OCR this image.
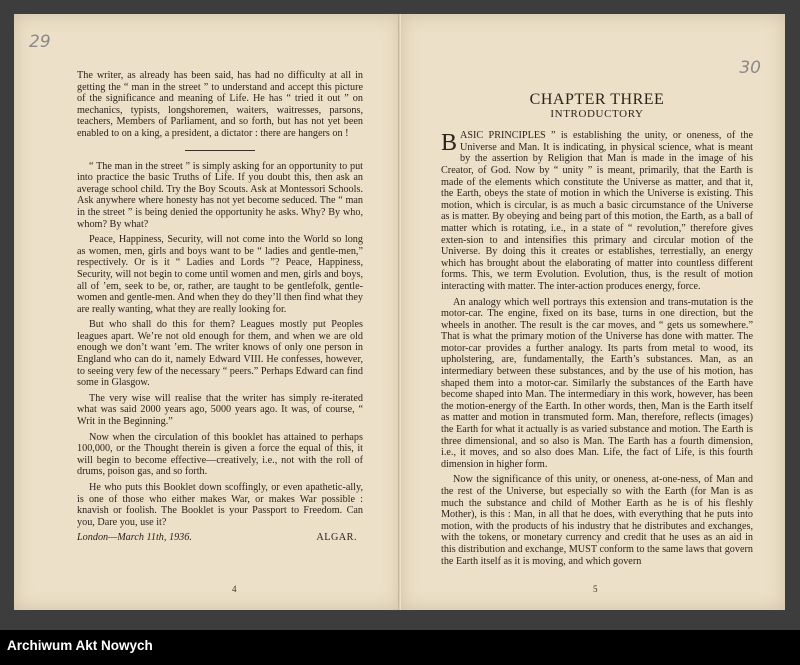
29

The writer, as already has been said, has had no difficulty at all in getting the “ man in the street ” to understand and accept this picture of the significance and meaning of Life. He has “ tried it out ” on mechanics, typists, longshoremen, waiters, waitresses, parsons, teachers, Members of Parliament, and so forth, but has not yet been enabled to on a king, a president, a dictator : there are hangers on !

“ The man in the street ” is simply asking for an opportunity to put into practice the basic Truths of Life. If you doubt this, then ask an average school child. Try the Boy Scouts. Ask at Montessori Schools. Ask anywhere where honesty has not yet become seduced. The “ man in the street ” is being denied the opportunity he asks. Why? By who, whom? By what?

Peace, Happiness, Security, will not come into the World so long as women, men, girls and boys want to be “ ladies and gentle-men,” respectively. Or is it “ Ladies and Lords ”? Peace, Happiness, Security, will not begin to come until women and men, girls and boys, all of ’em, seek to be, or, rather, are taught to be gentlefolk, gentle-women and gentle-men. And when they do they’ll then find what they are really wanting, what they are really looking for.

But who shall do this for them? Leagues mostly put Peoples leagues apart. We’re not old enough for them, and when we are old enough we don’t want ’em. The writer knows of only one person in England who can do it, namely Edward VIII. He confesses, however, to seeing very few of the necessary “ peers.” Perhaps Edward can find some in Glasgow.

The very wise will realise that the writer has simply re-iterated what was said 2000 years ago, 5000 years ago. It was, of course, “ Writ in the Beginning.”

Now when the circulation of this booklet has attained to perhaps 100,000, or the Thought therein is given a force the equal of this, it will begin to become effective—creatively, i.e., not with the roll of drums, poison gas, and so forth.

He who puts this Booklet down scoffingly, or even apathetic-ally, is one of those who either makes War, or makes War possible : knavish or foolish. The Booklet is your Passport to Freedom. Can you, Dare you, use it?

London—March 11th, 1936.	ALGAR.
4
30
CHAPTER THREE
INTRODUCTORY

BASIC PRINCIPLES ” is establishing the unity, or oneness, of the Universe and Man. It is indicating, in physical science, what is meant by the assertion by Religion that Man is made in the image of his Creator, of God. Now by “ unity ” is meant, primarily, that the Earth is made of the elements which constitute the Universe as matter, and that it, the Earth, obeys the state of motion in which the Universe is existing. This motion, which is circular, is as much a basic circumstance of the Universe as is matter. By obeying and being part of this motion, the Earth, as a ball of matter which is rotating, i.e., in a state of “ revolution,” therefore gives exten-sion to and intensifies this primary and circular motion of the Universe. By doing this it creates or establishes, terrestially, an energy which has brought about the elaborating of matter into countless different forms. This, we term Evolution. Evolution, thus, is the result of motion interacting with matter. The inter-action produces energy, force.

An analogy which well portrays this extension and trans-mutation is the motor-car. The engine, fixed on its base, turns in one direction, but the wheels in another. The result is the car moves, and “ gets us somewhere.” That is what the primary motion of the Universe has done with matter. The motor-car provides a further analogy. Its parts from metal to wood, its upholstering, are, fundamentally, the Earth’s substances. Man, as an intermediary between these substances, and by the use of his motion, has shaped them into a motor-car. Similarly the substances of the Earth have become shaped into Man. The intermediary in this work, however, has been the motion-energy of the Earth. In other words, then, Man is the Earth itself as matter and motion in transmuted form. Man, therefore, reflects (images) the Earth for what it actually is as varied substance and motion. The Earth is three dimensional, and so also is Man. The Earth has a fourth dimension, i.e., it moves, and so also does Man. Life, the fact of Life, is this fourth dimension in higher form.

Now the significance of this unity, or oneness, at-one-ness, of Man and the rest of the Universe, but especially so with the Earth (for Man is as much the substance and child of Mother Earth as he is of his fleshly Mother), is this : Man, in all that he does, with everything that he puts into motion, with the products of his industry that he distributes and exchanges, with the tokens, or monetary currency and credit that he uses as an aid in this distribution and exchange, MUST conform to the same laws that govern the Earth itself as it is moving, and which govern

5
Archiwum Akt Nowych
